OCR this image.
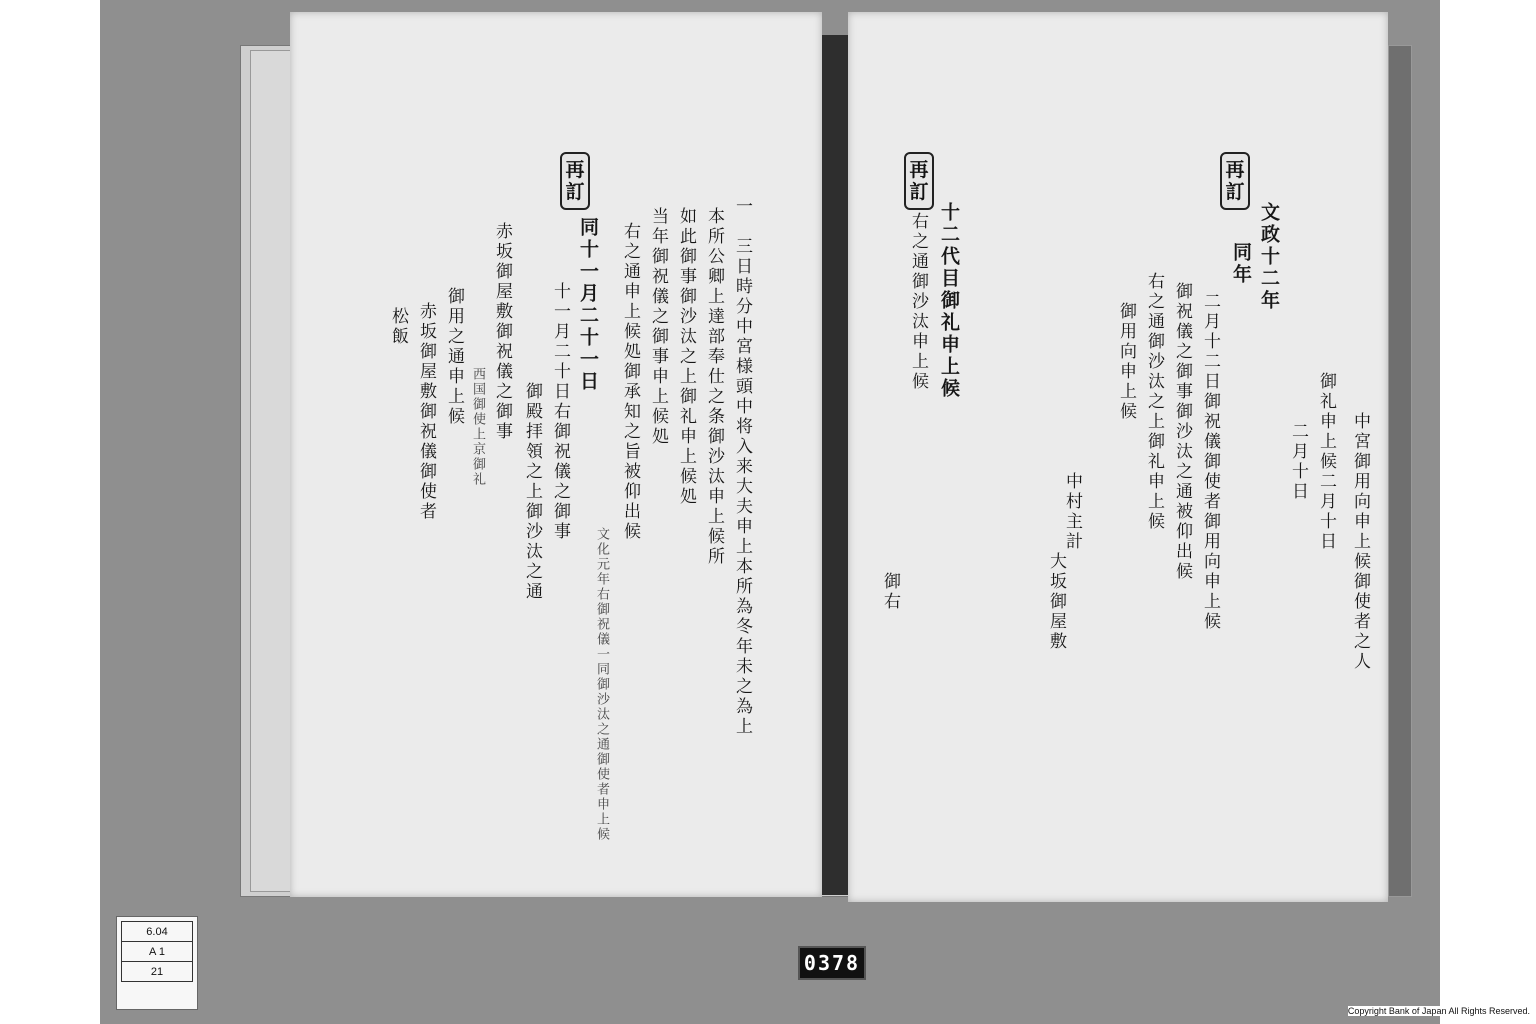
再
訂
一　三日時分中宮様頭中将入来大夫申上本所為冬年未之為上
本所公卿上達部奉仕之条御沙汰申上候所
如此御事御沙汰之上御礼申上候処
当年御祝儀之御事申上候処
右之通申上候処御承知之旨被仰出候
文化元年右御祝儀一同御沙汰之通御使者申上候
十一月二十日右御祝儀之御事
御殿拝領之上御沙汰之通
同十一月二十一日
赤坂御屋敷御祝儀之御事
西国御使上京御礼
御用之通申上候
赤坂御屋敷御祝儀御使者
松飯
再
訂
再
訂
中宮御用向申上候御使者之人
御礼申上候二月十日
二月十日
文政十二年
同年
二月十二日御祝儀御使者御用向申上候
御祝儀之御事御沙汰之通被仰出候
右之通御沙汰之上御礼申上候
御用向申上候
十二代目御礼申上候
右之通御沙汰申上候
中村主計
大坂御屋敷
御右
6.04
A 1
21	0378
Copyright Bank of Japan All Rights Reserved.
